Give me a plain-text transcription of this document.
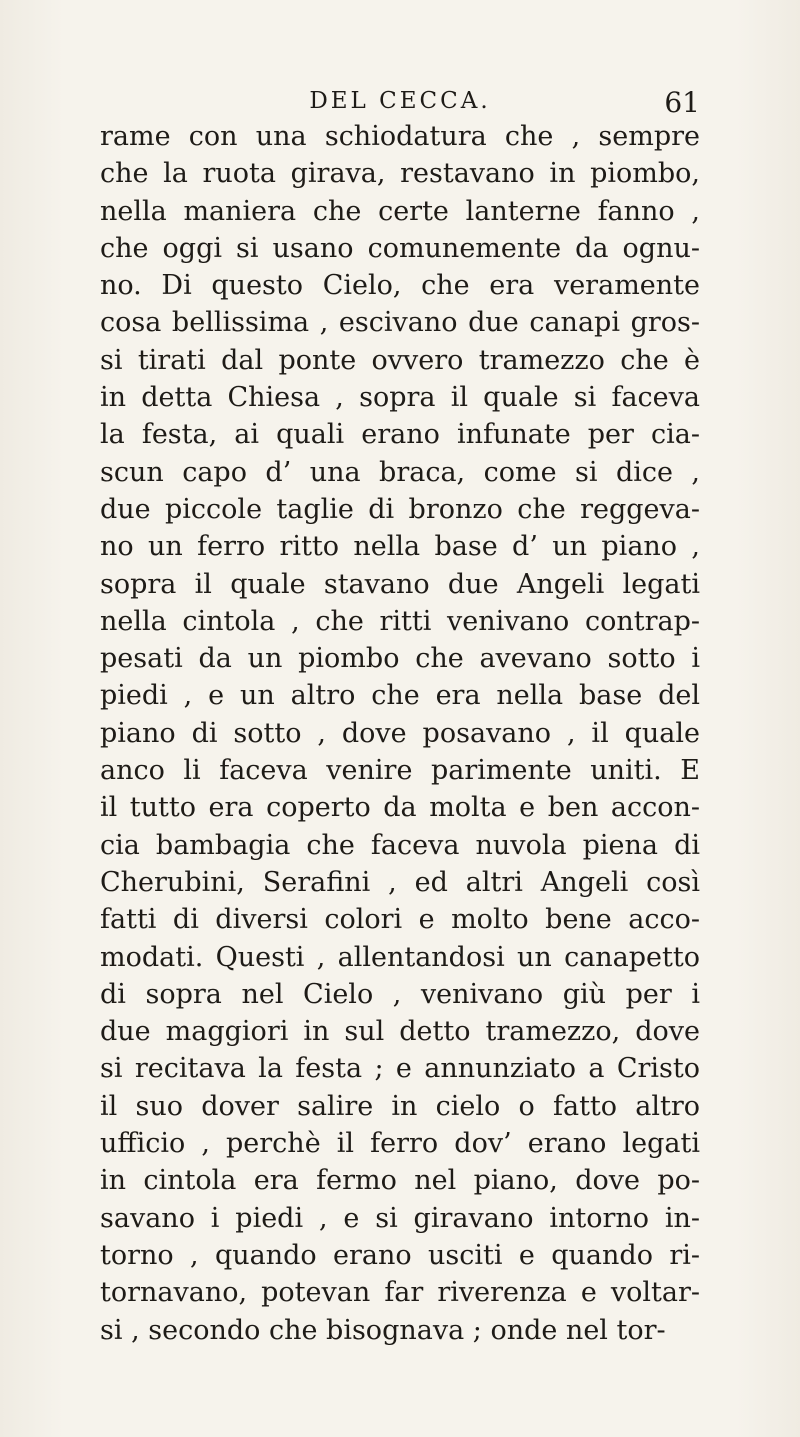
DEL CECCA.	61
rame con una schiodatura che , sempre
che la ruota girava, restavano in piombo,
nella maniera che certe lanterne fanno ,
che oggi si usano comunemente da ognu-
no. Di questo Cielo, che era veramente
cosa bellissima , escivano due canapi gros-
si tirati dal ponte ovvero tramezzo che è
in detta Chiesa , sopra il quale si faceva
la festa, ai quali erano infunate per cia-
scun capo d’ una braca, come si dice ,
due piccole taglie di bronzo che reggeva-
no un ferro ritto nella base d’ un piano ,
sopra il quale stavano due Angeli legati
nella cintola , che ritti venivano contrap-
pesati da un piombo che avevano sotto i
piedi , e un altro che era nella base del
piano di sotto , dove posavano , il quale
anco li faceva venire parimente uniti. E
il tutto era coperto da molta e ben accon-
cia bambagia che faceva nuvola piena di
Cherubini, Serafini , ed altri Angeli così
fatti di diversi colori e molto bene acco-
modati. Questi , allentandosi un canapetto
di sopra nel Cielo , venivano giù per i
due maggiori in sul detto tramezzo, dove
si recitava la festa ; e annunziato a Cristo
il suo dover salire in cielo o fatto altro
ufficio , perchè il ferro dov’ erano legati
in cintola era fermo nel piano, dove po-
savano i piedi , e si giravano intorno in-
torno , quando erano usciti e quando ri-
tornavano, potevan far riverenza e voltar-
si , secondo che bisognava ; onde nel tor-
